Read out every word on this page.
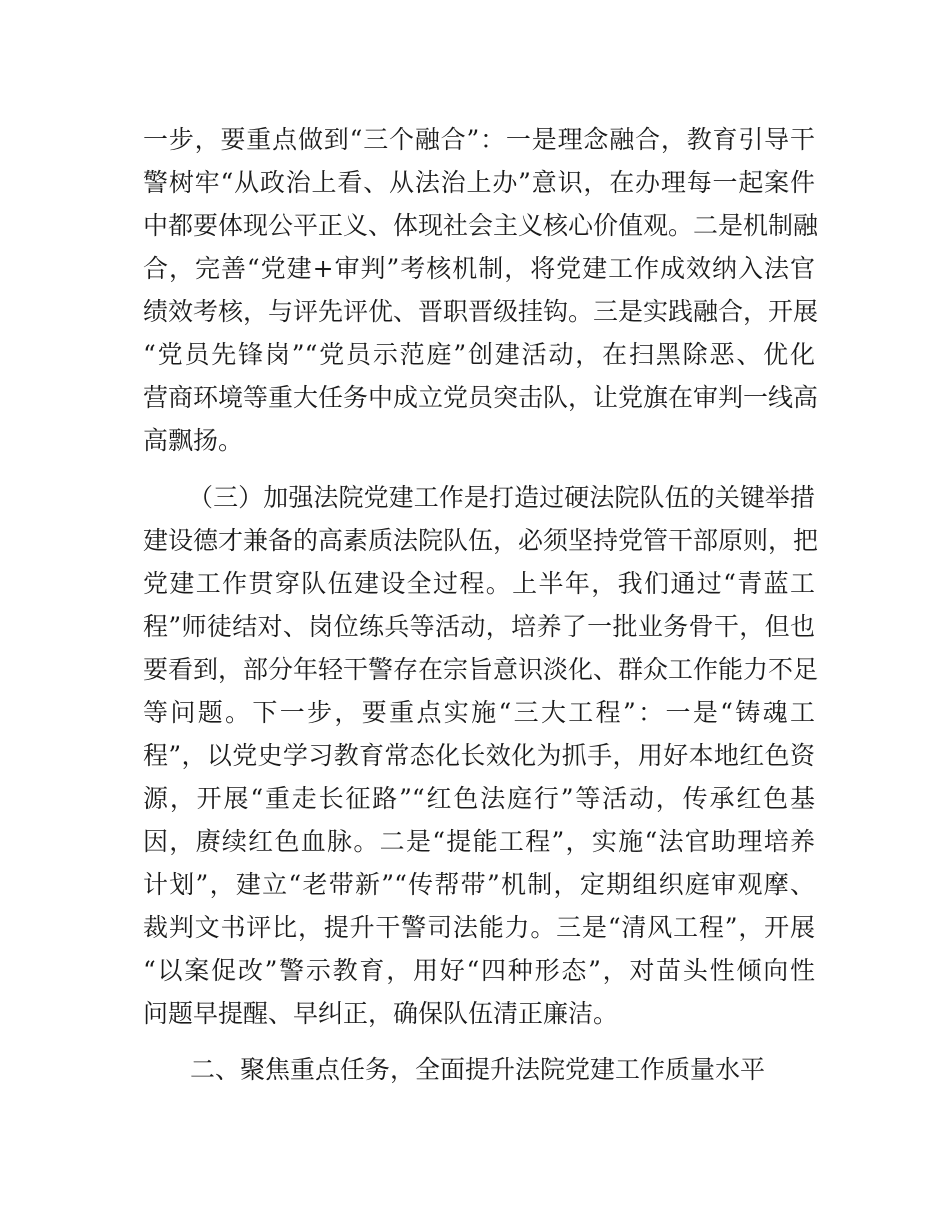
一步，要重点做到“三个融合”：一是理念融合，教育引导干
警树牢“从政治上看、从法治上办”意识，在办理每一起案件
中都要体现公平正义、体现社会主义核心价值观。二是机制融
合，完善“党建+审判”考核机制，将党建工作成效纳入法官
绩效考核，与评先评优、晋职晋级挂钩。三是实践融合，开展
“党员先锋岗”“党员示范庭”创建活动，在扫黑除恶、优化
营商环境等重大任务中成立党员突击队，让党旗在审判一线高
高飘扬。
（三）加强法院党建工作是打造过硬法院队伍的关键举措
建设德才兼备的高素质法院队伍，必须坚持党管干部原则，把
党建工作贯穿队伍建设全过程。上半年，我们通过“青蓝工
程”师徒结对、岗位练兵等活动，培养了一批业务骨干，但也
要看到，部分年轻干警存在宗旨意识淡化、群众工作能力不足
等问题。下一步，要重点实施“三大工程”：一是“铸魂工
程”，以党史学习教育常态化长效化为抓手，用好本地红色资
源，开展“重走长征路”“红色法庭行”等活动，传承红色基
因，赓续红色血脉。二是“提能工程”，实施“法官助理培养
计划”，建立“老带新”“传帮带”机制，定期组织庭审观摩、
裁判文书评比，提升干警司法能力。三是“清风工程”，开展
“以案促改”警示教育，用好“四种形态”，对苗头性倾向性
问题早提醒、早纠正，确保队伍清正廉洁。
二、聚焦重点任务，全面提升法院党建工作质量水平
